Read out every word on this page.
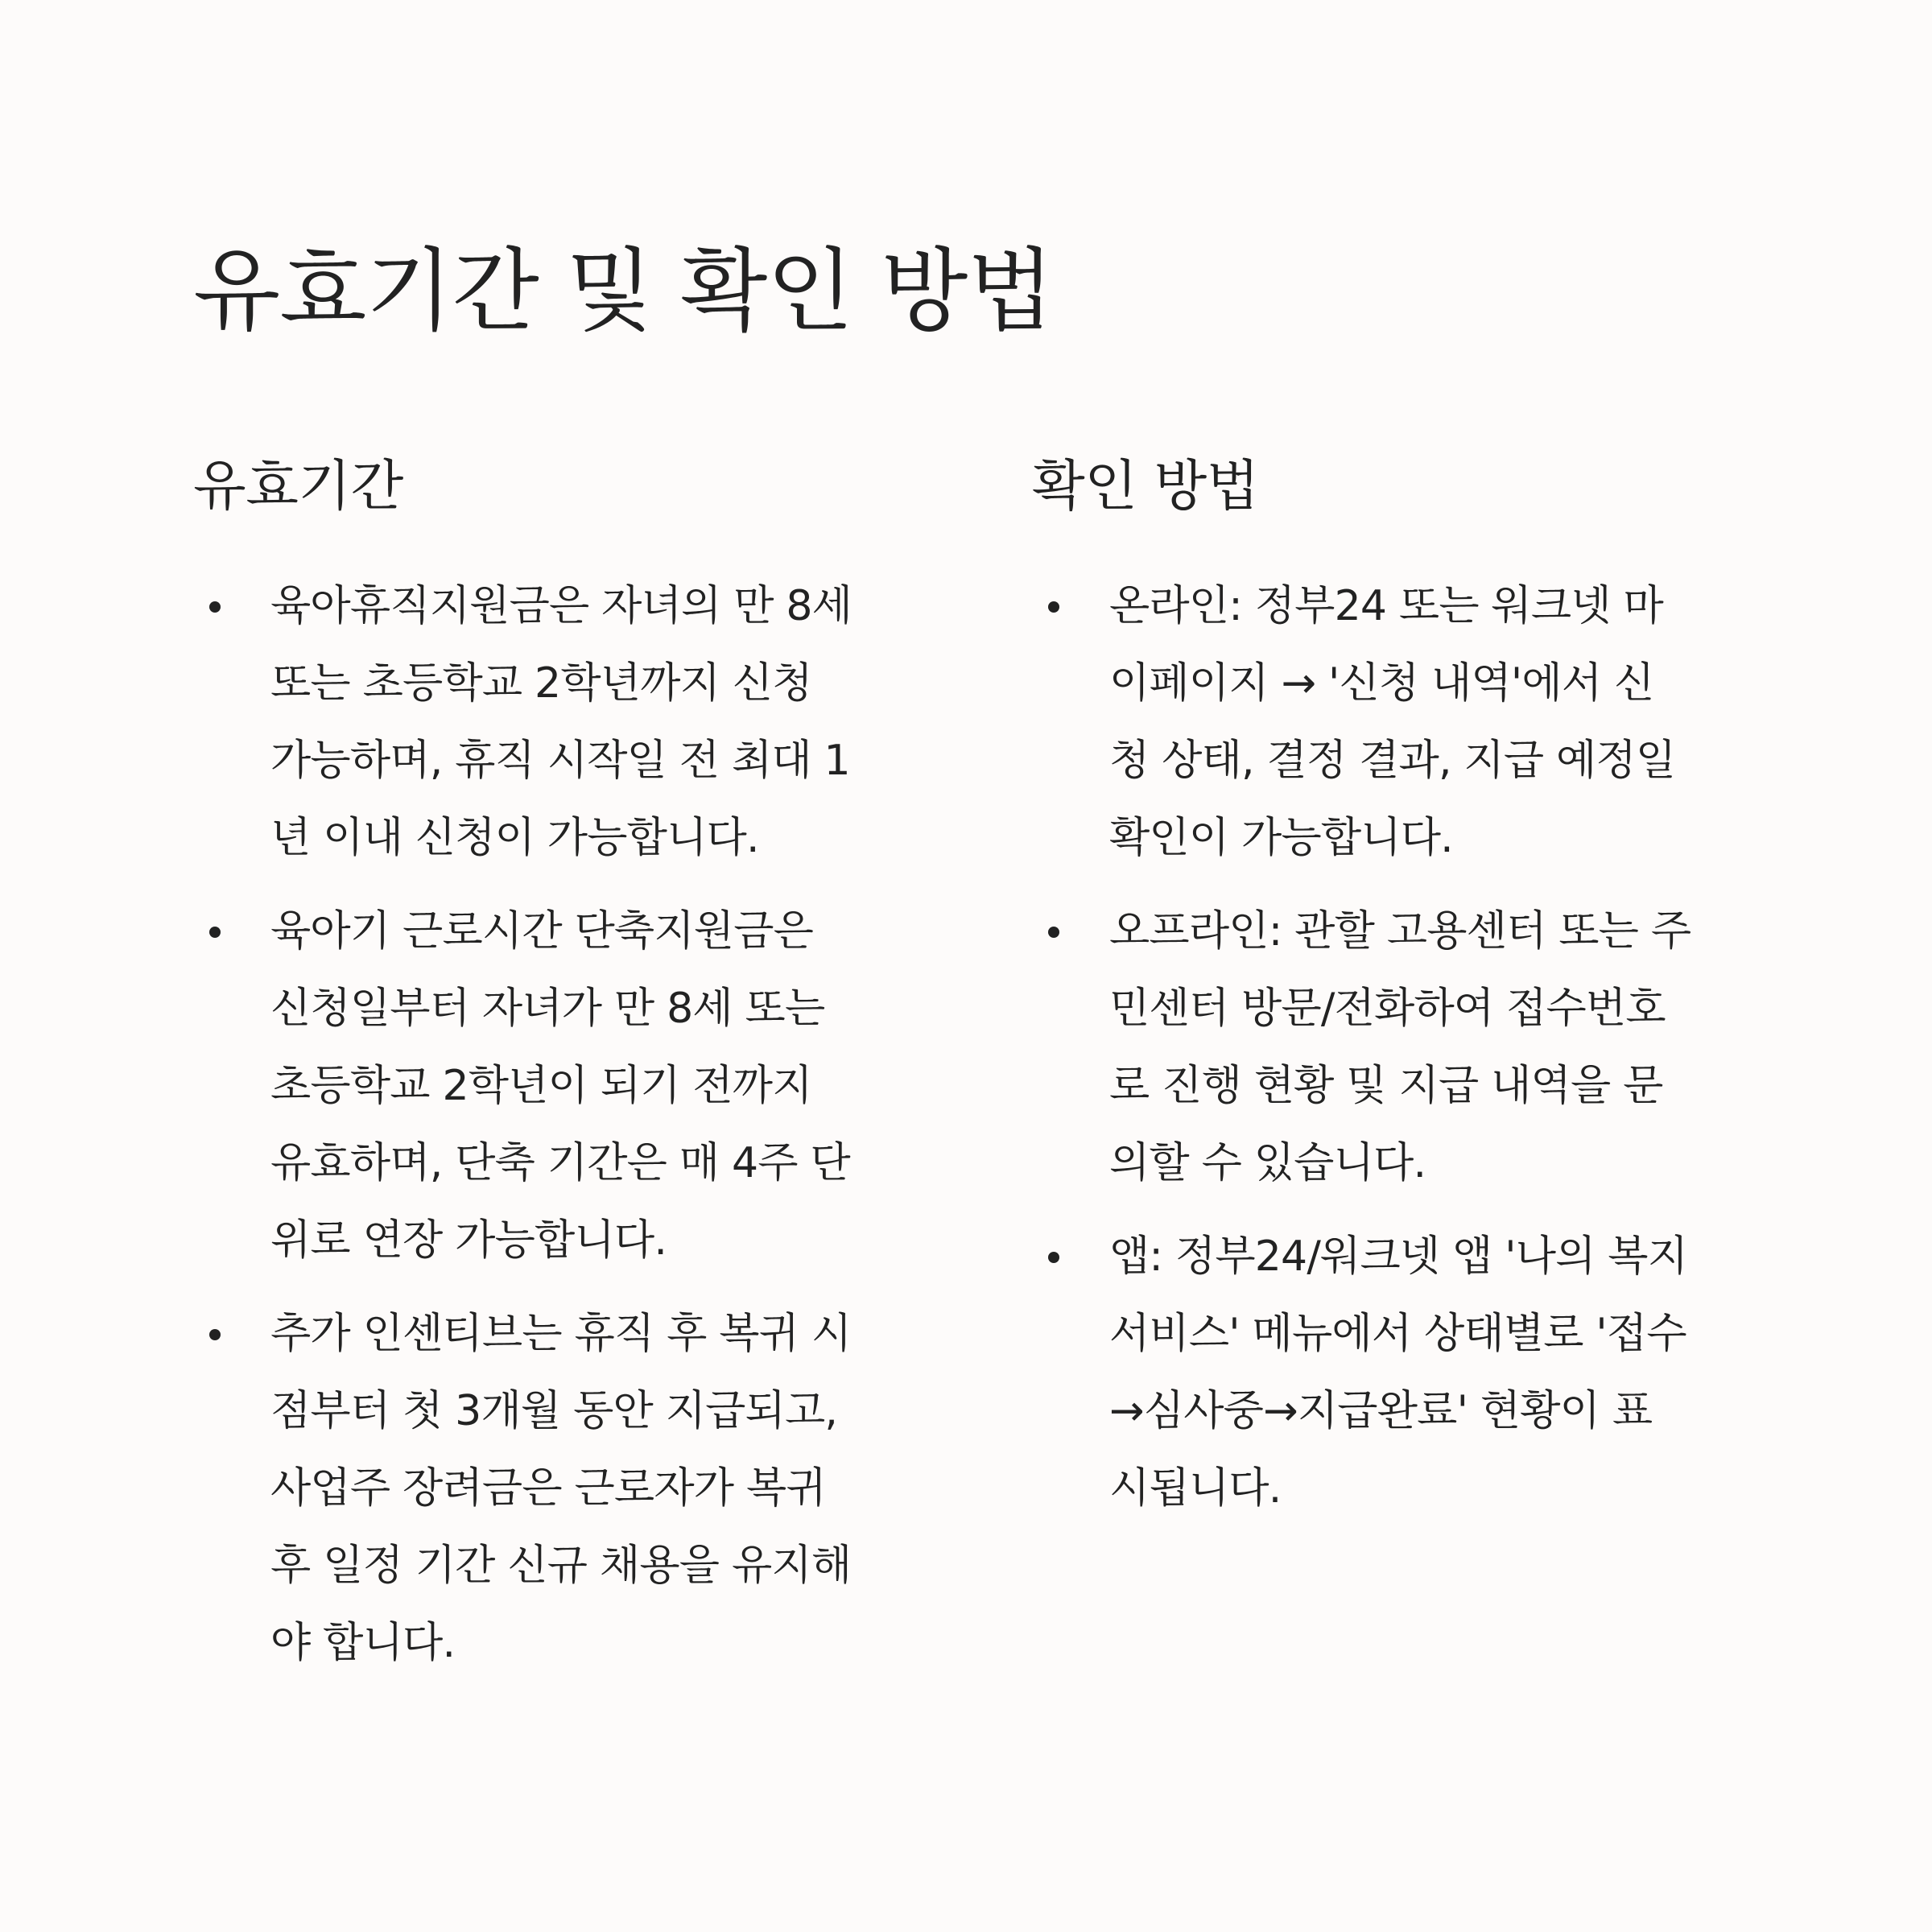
유효기간 및 확인 방법
유효기간
육아휴직지원금은 자녀의 만 8세
또는 초등학교 2학년까지 신청
가능하며, 휴직 시작일 전 최대 1
년 이내 신청이 가능합니다.
육아기 근로시간 단축지원금은
신청일부터 자녀가 만 8세 또는
초등학교 2학년이 되기 전까지
유효하며, 단축 기간은 매 4주 단
위로 연장 가능합니다.
추가 인센티브는 휴직 후 복귀 시
점부터 첫 3개월 동안 지급되고,
사업주 장려금은 근로자가 복귀
후 일정 기간 신규 채용을 유지해
야 합니다.
확인 방법
온라인: 정부24 또는 워크넷 마
이페이지 → '신청 내역'에서 신
청 상태, 결정 결과, 지급 예정일
확인이 가능합니다.
오프라인: 관할 고용센터 또는 주
민센터 방문/전화하여 접수번호
로 진행 현황 및 지급 내역을 문
의할 수 있습니다.
앱: 정부24/워크넷 앱 '나의 복지
서비스' 메뉴에서 상태별로 '접수
→심사중→지급완료' 현황이 표
시됩니다.
